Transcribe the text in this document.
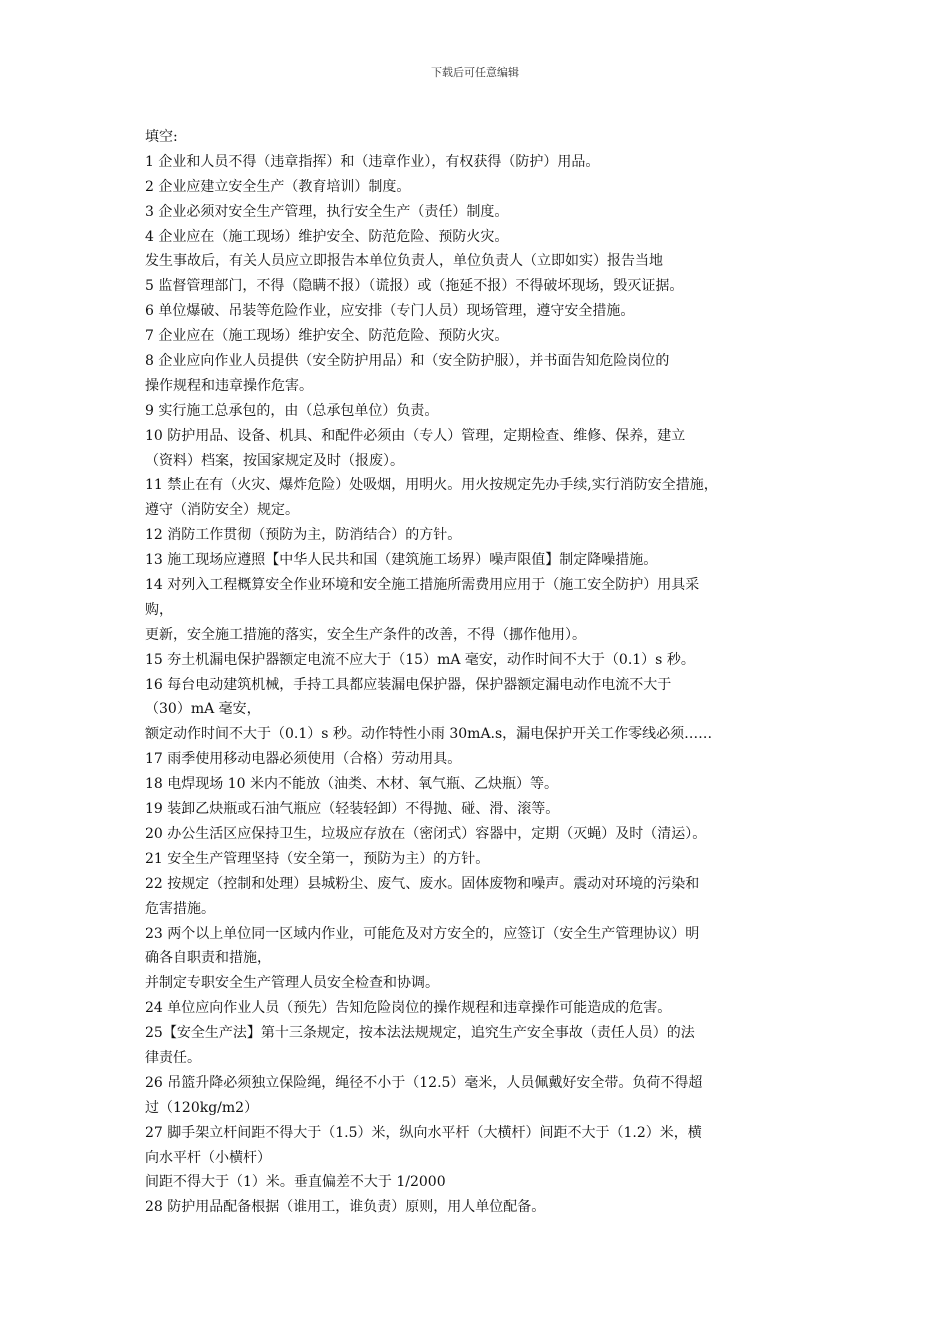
下载后可任意编辑
填空:
1 企业和人员不得（违章指挥）和（违章作业），有权获得（防护）用品。
2 企业应建立安全生产（教育培训）制度。
3 企业必须对安全生产管理，执行安全生产（责任）制度。
4 企业应在（施工现场）维护安全、防范危险、预防火灾。
发生事故后，有关人员应立即报告本单位负责人，单位负责人（立即如实）报告当地
5 监督管理部门，不得（隐瞒不报）（谎报）或（拖延不报）不得破坏现场，毁灭证据。
6 单位爆破、吊装等危险作业，应安排（专门人员）现场管理，遵守安全措施。
7 企业应在（施工现场）维护安全、防范危险、预防火灾。
8 企业应向作业人员提供（安全防护用品）和（安全防护服），并书面告知危险岗位的
操作规程和违章操作危害。
9 实行施工总承包的，由（总承包单位）负责。
10 防护用品、设备、机具、和配件必须由（专人）管理，定期检查、维修、保养，建立
（资料）档案，按国家规定及时（报废）。
11 禁止在有（火灾、爆炸危险）处吸烟，用明火。用火按规定先办手续,实行消防安全措施，
遵守（消防安全）规定。
12 消防工作贯彻（预防为主，防消结合）的方针。
13 施工现场应遵照【中华人民共和国（建筑施工场界）噪声限值】制定降噪措施。
14 对列入工程概算安全作业环境和安全施工措施所需费用应用于（施工安全防护）用具采
购，
更新，安全施工措施的落实，安全生产条件的改善，不得（挪作他用）。
15 夯土机漏电保护器额定电流不应大于（15）mA 毫安，动作时间不大于（0.1）s 秒。
16 每台电动建筑机械，手持工具都应装漏电保护器，保护器额定漏电动作电流不大于
（30）mA 毫安，
额定动作时间不大于（0.1）s 秒。动作特性小雨 30mA.s，漏电保护开关工作零线必须……
17 雨季使用移动电器必须使用（合格）劳动用具。
18 电焊现场 10 米内不能放（油类、木材、氧气瓶、乙炔瓶）等。
19 装卸乙炔瓶或石油气瓶应（轻装轻卸）不得抛、碰、滑、滚等。
20 办公生活区应保持卫生，垃圾应存放在（密闭式）容器中，定期（灭蝇）及时（清运）。
21 安全生产管理坚持（安全第一，预防为主）的方针。
22 按规定（控制和处理）县城粉尘、废气、废水。固体废物和噪声。震动对环境的污染和
危害措施。
23 两个以上单位同一区域内作业，可能危及对方安全的，应签订（安全生产管理协议）明
确各自职责和措施，
并制定专职安全生产管理人员安全检查和协调。
24 单位应向作业人员（预先）告知危险岗位的操作规程和违章操作可能造成的危害。
25【安全生产法】第十三条规定，按本法法规规定，追究生产安全事故（责任人员）的法
律责任。
26 吊篮升降必须独立保险绳，绳径不小于（12.5）毫米，人员佩戴好安全带。负荷不得超
过（120kg/m2）
27 脚手架立杆间距不得大于（1.5）米，纵向水平杆（大横杆）间距不大于（1.2）米，横
向水平杆（小横杆）
间距不得大于（1）米。垂直偏差不大于 1/2000
28 防护用品配备根据（谁用工，谁负责）原则，用人单位配备。
